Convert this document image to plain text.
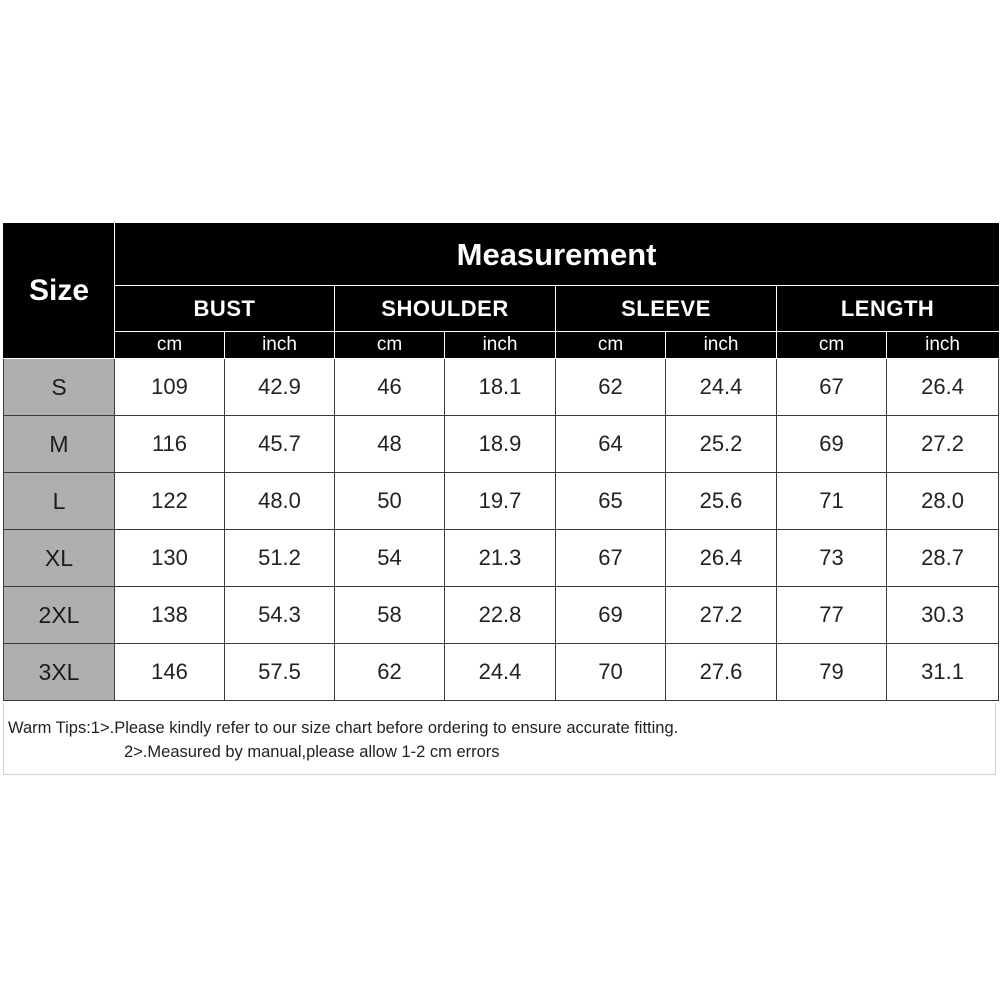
Size	Measurement							
	BUST		SHOULDER		SLEEVE		LENGTH	
	cm	inch	cm	inch	cm	inch	cm	inch
S	109	42.9	46	18.1	62	24.4	67	26.4
M	116	45.7	48	18.9	64	25.2	69	27.2
L	122	48.0	50	19.7	65	25.6	71	28.0
XL	130	51.2	54	21.3	67	26.4	73	28.7
2XL	138	54.3	58	22.8	69	27.2	77	30.3
3XL	146	57.5	62	24.4	70	27.6	79	31.1
Warm Tips:1>.Please kindly refer to our size chart before ordering to ensure accurate fitting.
2>.Measured by manual,please allow 1-2 cm errors
